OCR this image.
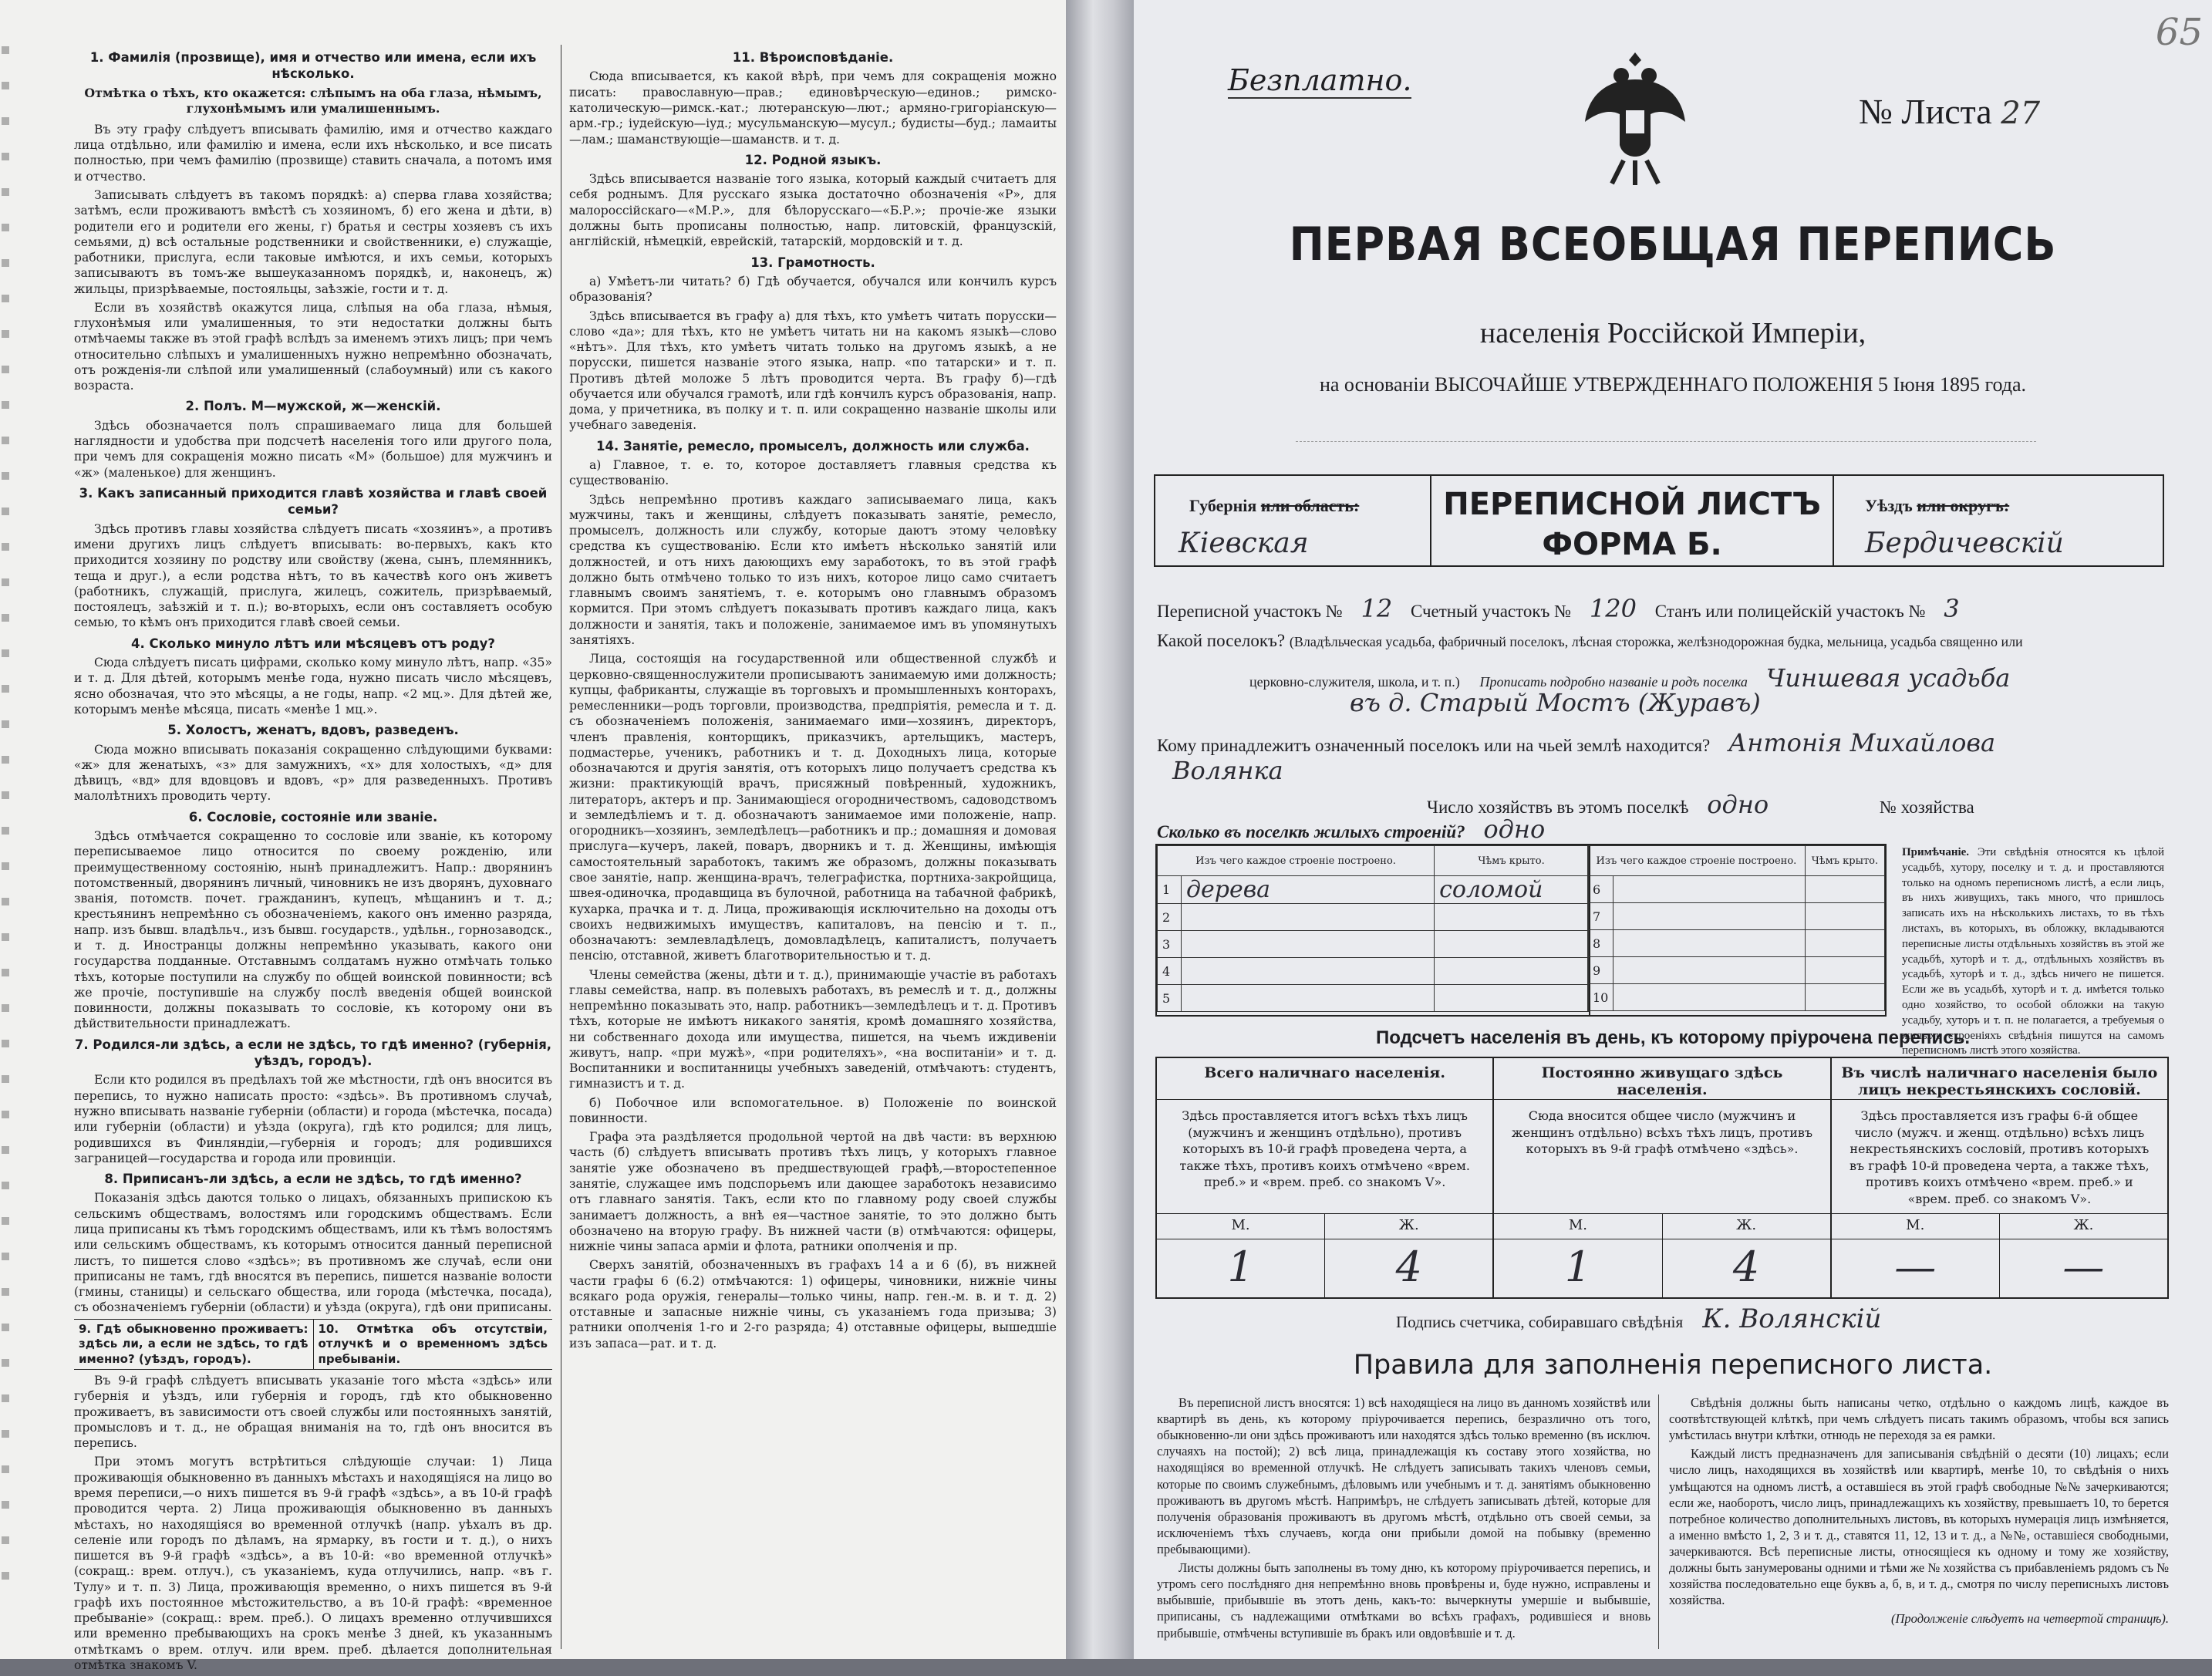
1. Фамилія (прозвище), имя и отчество или имена, если ихъ нѣсколько.
Отмѣтка о тѣхъ, кто окажется: слѣпымъ на оба глаза, нѣмымъ, глухонѣмымъ или умалишеннымъ.

Въ эту графу слѣдуетъ вписывать фамилію, имя и отчество каждаго лица отдѣльно, или фамилію и имена, если ихъ нѣсколько, и все писать полностью, при чемъ фамилію (прозвище) ставить сначала, а потомъ имя и отчество.

Записывать слѣдуетъ въ такомъ порядкѣ: а) сперва глава хозяйства; затѣмъ, если проживаютъ вмѣстѣ съ хозяиномъ, б) его жена и дѣти, в) родители его и родители его жены, г) братья и сестры хозяевъ съ ихъ семьями, д) всѣ остальные родственники и свойственники, е) служащіе, работники, прислуга, если таковые имѣются, и ихъ семьи, которыхъ записываютъ въ томъ-же вышеуказанномъ порядкѣ, и, наконецъ, ж) жильцы, призрѣваемые, постояльцы, заѣзжіе, гости и т. д.

Если въ хозяйствѣ окажутся лица, слѣпыя на оба глаза, нѣмыя, глухонѣмыя или умалишенныя, то эти недостатки должны быть отмѣчаемы также въ этой графѣ вслѣдъ за именемъ этихъ лицъ; при чемъ относительно слѣпыхъ и умалишенныхъ нужно непремѣнно обозначать, отъ рожденія-ли слѣпой или умалишенный (слабоумный) или съ какого возраста.

2. Полъ. М—мужской, ж—женскій.

Здѣсь обозначается полъ спрашиваемаго лица для большей наглядности и удобства при подсчетѣ населенія того или другого пола, при чемъ для сокращенія можно писать «М» (большое) для мужчинъ и «ж» (маленькое) для женщинъ.

3. Какъ записанный приходится главѣ хозяйства и главѣ своей семьи?

Здѣсь противъ главы хозяйства слѣдуетъ писать «хозяинъ», а противъ имени другихъ лицъ слѣдуетъ вписывать: во-первыхъ, какъ кто приходится хозяину по родству или свойству (жена, сынъ, племянникъ, теща и друг.), а если родства нѣтъ, то въ качествѣ кого онъ живетъ (работникъ, служащій, прислуга, жилецъ, сожитель, призрѣваемый, постоялецъ, заѣзжій и т. п.); во-вторыхъ, если онъ составляетъ особую семью, то кѣмъ онъ приходится главѣ своей семьи.

4. Сколько минуло лѣтъ или мѣсяцевъ отъ роду?

Сюда слѣдуетъ писать цифрами, сколько кому минуло лѣтъ, напр. «35» и т. д. Для дѣтей, которымъ менѣе года, нужно писать число мѣсяцевъ, ясно обозначая, что это мѣсяцы, а не годы, напр. «2 мц.». Для дѣтей же, которымъ менѣе мѣсяца, писать «менѣе 1 мц.».

5. Холостъ, женатъ, вдовъ, разведенъ.

Сюда можно вписывать показанія сокращенно слѣдующими буквами: «ж» для женатыхъ, «з» для замужнихъ, «х» для холостыхъ, «д» для дѣвицъ, «вд» для вдовцовъ и вдовъ, «р» для разведенныхъ. Противъ малолѣтнихъ проводить черту.

6. Сословіе, состояніе или званіе.

Здѣсь отмѣчается сокращенно то сословіе или званіе, къ которому переписываемое лицо относится по своему рожденію, или преимущественному состоянію, нынѣ принадлежитъ. Напр.: дворянинъ потомственный, дворянинъ личный, чиновникъ не изъ дворянъ, духовнаго званія, потомств. почет. гражданинъ, купецъ, мѣщанинъ и т. д.; крестьянинъ непремѣнно съ обозначеніемъ, какого онъ именно разряда, напр. изъ бывш. владѣльч., изъ бывш. государств., удѣльн., горнозаводск., и т. д. Иностранцы должны непремѣнно указывать, какого они государства подданные. Отставнымъ солдатамъ нужно отмѣчать только тѣхъ, которые поступили на службу по общей воинской повинности; всѣ же прочіе, поступившіе на службу послѣ введенія общей воинской повинности, должны показывать то сословіе, къ которому они въ дѣйствительности принадлежатъ.

7. Родился-ли здѣсь, а если не здѣсь, то гдѣ именно? (губернія, уѣздъ, городъ).

Если кто родился въ предѣлахъ той же мѣстности, гдѣ онъ вносится въ перепись, то нужно написать просто: «здѣсь». Въ противномъ случаѣ, нужно вписывать названіе губерніи (области) и города (мѣстечка, посада) или губерніи (области) и уѣзда (округа), гдѣ кто родился; для лицъ, родившихся въ Финляндіи,—губернія и городъ; для родившихся заграницей—государства и города или провинціи.

8. Приписанъ-ли здѣсь, а если не здѣсь, то гдѣ именно?

Показанія здѣсь даются только о лицахъ, обязанныхъ припискою къ сельскимъ обществамъ, волостямъ или городскимъ обществамъ. Если лица приписаны къ тѣмъ городскимъ обществамъ, или къ тѣмъ волостямъ или сельскимъ обществамъ, къ которымъ относится данный переписной листъ, то пишется слово «здѣсь»; въ противномъ же случаѣ, если они приписаны не тамъ, гдѣ вносятся въ перепись, пишется названіе волости (гмины, станицы) и сельскаго общества, или города (мѣстечка, посада), съ обозначеніемъ губерніи (области) и уѣзда (округа), гдѣ они приписаны.

9. Гдѣ обыкновенно проживаетъ: здѣсь ли, а если не здѣсь, то гдѣ именно? (уѣздъ, городъ).
10. Отмѣтка объ отсутствіи, отлучкѣ и о временномъ здѣсь пребываніи.

Въ 9-й графѣ слѣдуетъ вписывать указаніе того мѣста «здѣсь» или губернія и уѣздъ, или губернія и городъ, гдѣ кто обыкновенно проживаетъ, въ зависимости отъ своей службы или постоянныхъ занятій, промысловъ и т. д., не обращая вниманія на то, гдѣ онъ вносится въ перепись.

При этомъ могутъ встрѣтиться слѣдующіе случаи: 1) Лица проживающія обыкновенно въ данныхъ мѣстахъ и находящіяся на лицо во время переписи,—о нихъ пишется въ 9-й графѣ «здѣсь», а въ 10-й графѣ проводится черта. 2) Лица проживающія обыкновенно въ данныхъ мѣстахъ, но находящіяся во временной отлучкѣ (напр. уѣхалъ въ др. селеніе или городъ по дѣламъ, на ярмарку, въ гости и т. д.), о нихъ пишется въ 9-й графѣ «здѣсь», а въ 10-й: «во временной отлучкѣ» (сокращ.: врем. отлуч.), съ указаніемъ, куда отлучились, напр. «въ г. Тулу» и т. п. 3) Лица, проживающія временно, о нихъ пишется въ 9-й графѣ ихъ постоянное мѣстожительство, а въ 10-й графѣ: «временное пребываніе» (сокращ.: врем. преб.). О лицахъ временно отлучившихся или временно пребывающихъ на срокъ менѣе 3 дней, къ указаннымъ отмѣткамъ о врем. отлуч. или врем. преб. дѣлается дополнительная отмѣтка знакомъ V.

11. Вѣроисповѣданіе.

Сюда вписывается, къ какой вѣрѣ, при чемъ для сокращенія можно писать: православную—прав.; единовѣрческую—единов.; римско-католическую—римск.-кат.; лютеранскую—лют.; армяно-григоріанскую—арм.-гр.; іудейскую—іуд.; мусульманскую—мусул.; будисты—буд.; ламаиты—лам.; шаманствующіе—шаманств. и т. д.

12. Родной языкъ.

Здѣсь вписывается названіе того языка, который каждый считаетъ для себя роднымъ. Для русскаго языка достаточно обозначенія «Р», для малороссійскаго—«М.Р.», для бѣлорусскаго—«Б.Р.»; прочіе-же языки должны быть прописаны полностью, напр. литовскій, французскій, англійскій, нѣмецкій, еврейскій, татарскій, мордовскій и т. д.

13. Грамотность.

а) Умѣетъ-ли читать? б) Гдѣ обучается, обучался или кончилъ курсъ образованія?

Здѣсь вписывается въ графу а) для тѣхъ, кто умѣетъ читать порусски—слово «да»; для тѣхъ, кто не умѣетъ читать ни на какомъ языкѣ—слово «нѣтъ». Для тѣхъ, кто умѣетъ читать только на другомъ языкѣ, а не порусски, пишется названіе этого языка, напр. «по татарски» и т. п. Противъ дѣтей моложе 5 лѣтъ проводится черта. Въ графу б)—гдѣ обучается или обучался грамотѣ, или гдѣ кончилъ курсъ образованія, напр. дома, у причетника, въ полку и т. п. или сокращенно названіе школы или учебнаго заведенія.

14. Занятіе, ремесло, промыселъ, должность или служба.

а) Главное, т. е. то, которое доставляетъ главныя средства къ существованію.

Здѣсь непремѣнно противъ каждаго записываемаго лица, какъ мужчины, такъ и женщины, слѣдуетъ показывать занятіе, ремесло, промыселъ, должность или службу, которые даютъ этому человѣку средства къ существованію. Если кто имѣетъ нѣсколько занятій или должностей, и отъ нихъ даюющихъ ему заработокъ, то въ этой графѣ должно быть отмѣчено только то изъ нихъ, которое лицо само считаетъ главнымъ своимъ занятіемъ, т. е. которымъ оно главнымъ образомъ кормится. При этомъ слѣдуетъ показывать противъ каждаго лица, какъ должности и занятія, такъ и положеніе, занимаемое имъ въ упомянутыхъ занятіяхъ.

Лица, состоящія на государственной или общественной службѣ и церковно-священнослужители прописываютъ занимаемую ими должность; купцы, фабриканты, служащіе въ торговыхъ и промышленныхъ конторахъ, ремесленники—родъ торговли, производства, предпріятія, ремесла и т. д. съ обозначеніемъ положенія, занимаемаго ими—хозяинъ, директоръ, членъ правленія, конторщикъ, приказчикъ, артельщикъ, мастеръ, подмастерье, ученикъ, работникъ и т. д. Доходныхъ лица, которые обозначаются и другія занятія, отъ которыхъ лицо получаетъ средства къ жизни: практикующій врачъ, присяжный повѣренный, художникъ, литераторъ, актеръ и пр. Занимающіеся огородничествомъ, садоводствомъ и земледѣліемъ и т. д. обозначаютъ занимаемое ими положеніе, напр. огородникъ—хозяинъ, земледѣлецъ—работникъ и пр.; домашняя и домовая прислуга—кучеръ, лакей, поваръ, дворникъ и т. д. Женщины, имѣющія самостоятельный заработокъ, такимъ же образомъ, должны показывать свое занятіе, напр. женщина-врачъ, телеграфистка, портниха-закройщица, швея-одиночка, продавщица въ булочной, работница на табачной фабрикѣ, кухарка, прачка и т. д. Лица, проживающія исключительно на доходы отъ своихъ недвижимыхъ имуществъ, капиталовъ, на пенсію и т. п., обозначаютъ: землевладѣлецъ, домовладѣлецъ, капиталистъ, получаетъ пенсію, отставной, живетъ благотворительностью и т. д.

Члены семейства (жены, дѣти и т. д.), принимающіе участіе въ работахъ главы семейства, напр. въ полевыхъ работахъ, въ ремеслѣ и т. д., должны непремѣнно показывать это, напр. работникъ—земледѣлецъ и т. д. Противъ тѣхъ, которые не имѣютъ никакого занятія, кромѣ домашняго хозяйства, ни собственнаго дохода или имущества, пишется, на чьемъ иждивеніи живутъ, напр. «при мужѣ», «при родителяхъ», «на воспитаніи» и т. д. Воспитанники и воспитанницы учебныхъ заведеній, отмѣчаютъ: студентъ, гимназистъ и т. д.

б) Побочное или вспомогательное. в) Положеніе по воинской повинности.

Графа эта раздѣляется продольной чертой на двѣ части: въ верхнюю часть (б) слѣдуетъ вписывать противъ тѣхъ лицъ, у которыхъ главное занятіе уже обозначено въ предшествующей графѣ,—второстепенное занятіе, служащее имъ подспорьемъ или дающее заработокъ независимо отъ главнаго занятія. Такъ, если кто по главному роду своей службы занимаетъ должность, а внѣ ея—частное занятіе, то это должно быть обозначено на вторую графу. Въ нижней части (в) отмѣчаются: офицеры, нижніе чины запаса арміи и флота, ратники ополченія и пр.

Сверхъ занятій, обозначенныхъ въ графахъ 14 а и 6 (б), въ нижней части графы 6 (6.2) отмѣчаются: 1) офицеры, чиновники, нижніе чины всякаго рода оружія, генералы—только чины, напр. ген.-м. в. и т. д. 2) отставные и запасные нижніе чины, съ указаніемъ года призыва; 3) ратники ополченія 1-го и 2-го разряда; 4) отставные офицеры, вышедшіе изъ запаса—рат. и т. д.

Безплатно.
№ Листа 27
65
ПЕРВАЯ ВСЕОБЩАЯ ПЕРЕПИСЬ
населенія Россійской Имперіи,
на основаніи ВЫСОЧАЙШЕ УТВЕРЖДЕННАГО ПОЛОЖЕНІЯ 5 Іюня 1895 года.
Губернія или область:
Кіевская
ПЕРЕПИСНОЙ ЛИСТЪ
ФОРМА Б.
Уѣздъ или округъ:
Бердичевскій
Переписной участокъ № 12 Счетный участокъ № 120 Станъ или полицейскій участокъ № 3
Какой поселокъ? (Владѣльческая усадьба, фабричный поселокъ, лѣсная сторожка, желѣзнодорожная будка, мельница, усадьба священно или
церковно-служителя, школа, и т. п.) Прописать подробно названіе и родъ поселка Чиншевая усадьба
въ д. Старый Мостъ (Журавъ)
Кому принадлежитъ означенный поселокъ или на чьей землѣ находится? Антонія Михайлова
Волянка
Число хозяйствъ въ этомъ поселкѣ одно	№ хозяйства
Сколько въ поселкѣ жилыхъ строеній? одно
Изъ чего каждое строеніе построено.		Чѣмъ крыто.
1	дерева	соломой
2		
3		
4		
5		
Изъ чего каждое строеніе построено.		Чѣмъ крыто.
6		
7		
8		
9		
10		
Примѣчаніе. Эти свѣдѣнія относятся къ цѣлой усадьбѣ, хутору, поселку и т. д. и проставляются только на одномъ переписномъ листѣ, а если лицъ, въ нихъ живущихъ, такъ много, что пришлось записать ихъ на нѣсколькихъ листахъ, то въ тѣхъ листахъ, въ которыхъ, въ обложку, вкладываются переписные листы отдѣльныхъ хозяйствъ въ этой же усадьбѣ, хуторѣ и т. д., отдѣльныхъ хозяйствъ въ усадьбѣ, хуторѣ и т. д., здѣсь ничего не пишется. Если же въ усадьбѣ, хуторѣ и т. д. имѣется только одно хозяйство, то особой обложки на такую усадьбу, хуторъ и т. п. не полагается, а требуемыя о жилыхъ строеніяхъ свѣдѣнія пишутся на самомъ переписномъ листѣ этого хозяйства.
Подсчетъ населенія въ день, къ которому пріурочена перепись.
Всего наличнаго населенія.
Здѣсь проставляется итогъ всѣхъ тѣхъ лицъ (мужчинъ и женщинъ отдѣльно), противъ которыхъ въ 10-й графѣ проведена черта, а также тѣхъ, противъ коихъ отмѣчено «врем. преб.» и «врем. преб. со знакомъ V».
М.	Ж.
1	4
Постоянно живущаго здѣсь населенія.
Сюда вносится общее число (мужчинъ и женщинъ отдѣльно) всѣхъ тѣхъ лицъ, противъ которыхъ въ 9-й графѣ отмѣчено «здѣсь».
М.	Ж.
1	4
Въ числѣ наличнаго населенія было лицъ некрестьянскихъ сословій.
Здѣсь проставляется изъ графы 6-й общее число (мужч. и женщ. отдѣльно) всѣхъ лицъ некрестьянскихъ сословій, противъ которыхъ въ графѣ 10-й проведена черта, а также тѣхъ, противъ коихъ отмѣчено «врем. преб.» и «врем. преб. со знакомъ V».
М.	Ж.
—	—
Подпись счетчика, собиравшаго свѣдѣнія К. Волянскій
Правила для заполненія переписного листа.

Въ переписной листъ вносятся: 1) всѣ находящіеся на лицо въ данномъ хозяйствѣ или квартирѣ въ день, къ которому пріурочивается перепись, безразлично отъ того, обыкновенно-ли они здѣсь проживаютъ или находятся здѣсь только временно (въ исключ. случаяхъ на постой); 2) всѣ лица, принадлежащія къ составу этого хозяйства, но находящіяся во временной отлучкѣ. Не слѣдуетъ записывать такихъ членовъ семьи, которые по своимъ служебнымъ, дѣловымъ или учебнымъ и т. д. занятіямъ обыкновенно проживаютъ въ другомъ мѣстѣ. Напримѣръ, не слѣдуетъ записывать дѣтей, которые для полученія образованія проживаютъ въ другомъ мѣстѣ, отдѣльно отъ своей семьи, за исключеніемъ тѣхъ случаевъ, когда они прибыли домой на побывку (временно пребывающими).

Листы должны быть заполнены въ тому дню, къ которому пріурочивается перепись, и утромъ сего послѣдняго дня непремѣнно вновь провѣрены и, буде нужно, исправлены и выбывшіе, прибывшіе въ этотъ день, какъ-то: вычеркнуты умершіе и выбывшіе, приписаны, съ надлежащими отмѣтками во всѣхъ графахъ, родившіеся и вновь прибывшіе, отмѣчены вступившіе въ бракъ или овдовѣвшіе и т. д.

Свѣдѣнія должны быть написаны четко, отдѣльно о каждомъ лицѣ, каждое въ соотвѣтствующей клѣткѣ, при чемъ слѣдуетъ писать такимъ образомъ, чтобы вся запись умѣстилась внутри клѣтки, отнюдь не переходя за ея рамки.

Каждый листъ предназначенъ для записыванія свѣдѣній о десяти (10) лицахъ; если число лицъ, находящихся въ хозяйствѣ или квартирѣ, менѣе 10, то свѣдѣнія о нихъ умѣщаются на одномъ листѣ, а оставшіеся въ этой графѣ свободные №№ зачеркиваются; если же, наоборотъ, число лицъ, принадлежащихъ къ хозяйству, превышаетъ 10, то берется потребное количество дополнительныхъ листовъ, въ которыхъ нумерація лицъ измѣняется, а именно вмѣсто 1, 2, 3 и т. д., ставятся 11, 12, 13 и т. д., а №№, оставшіеся свободными, зачеркиваются. Всѣ переписные листы, относящіеся къ одному и тому же хозяйству, должны быть занумерованы одними и тѣми же № хозяйства съ прибавленіемъ рядомъ съ № хозяйства последовательно еще буквъ а, б, в, и т. д., смотря по числу переписныхъ листовъ хозяйства.

(Продолженіе слѣдуетъ на четвертой страницѣ).
